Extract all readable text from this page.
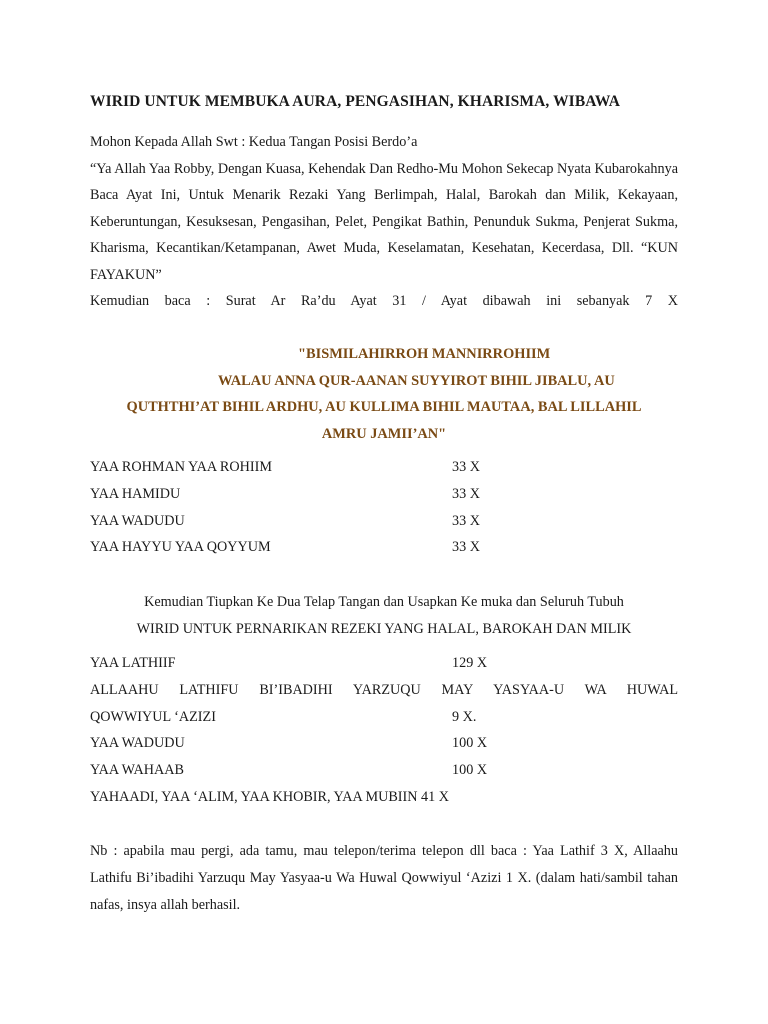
WIRID UNTUK MEMBUKA AURA, PENGASIHAN, KHARISMA, WIBAWA

Mohon Kepada Allah Swt : Kedua Tangan Posisi Berdo’a

“Ya Allah Yaa Robby, Dengan Kuasa, Kehendak Dan Redho-Mu Mohon Sekecap Nyata Kubarokahnya Baca Ayat Ini, Untuk Menarik Rezaki Yang Berlimpah, Halal, Barokah dan Milik, Kekayaan, Keberuntungan, Kesuksesan, Pengasihan, Pelet, Pengikat Bathin, Penunduk Sukma, Penjerat Sukma, Kharisma, Kecantikan/Ketampanan, Awet Muda, Keselamatan, Kesehatan, Kecerdasa, Dll. “KUN FAYAKUN”

Kemudian baca : Surat Ar Ra’du Ayat 31 / Ayat dibawah ini sebanyak 7 X

"BISMILAHIRROH MANNIRROHIIM
WALAU ANNA QUR-AANAN SUYYIROT BIHIL JIBALU, AU
QUTHTHI’AT BIHIL ARDHU, AU KULLIMA BIHIL MAUTAA, BAL LILLAHIL
AMRU JAMII’AN"
YAA ROHMAN YAA ROHIIM	33 X
YAA HAMIDU	33 X
YAA WADUDU	33 X
YAA HAYYU YAA QOYYUM	33 X
Kemudian Tiupkan Ke Dua Telap Tangan dan Usapkan Ke muka dan Seluruh Tubuh
WIRID UNTUK PERNARIKAN REZEKI YANG HALAL, BAROKAH DAN MILIK
YAA LATHIIF	129 X
ALLAAHU LATHIFU BI’IBADIHI YARZUQU MAY YASYAA-U WA HUWAL
QOWWIYUL ‘AZIZI	9 X.
YAA WADUDU	100 X
YAA WAHAAB	100 X
YAHAADI, YAA ‘ALIM, YAA KHOBIR, YAA MUBIIN 41 X
Nb : apabila mau pergi, ada tamu, mau telepon/terima telepon dll baca : Yaa Lathif 3 X, Allaahu Lathifu Bi’ibadihi Yarzuqu May Yasyaa-u Wa Huwal Qowwiyul ‘Azizi 1 X. (dalam hati/sambil tahan nafas, insya allah berhasil.
